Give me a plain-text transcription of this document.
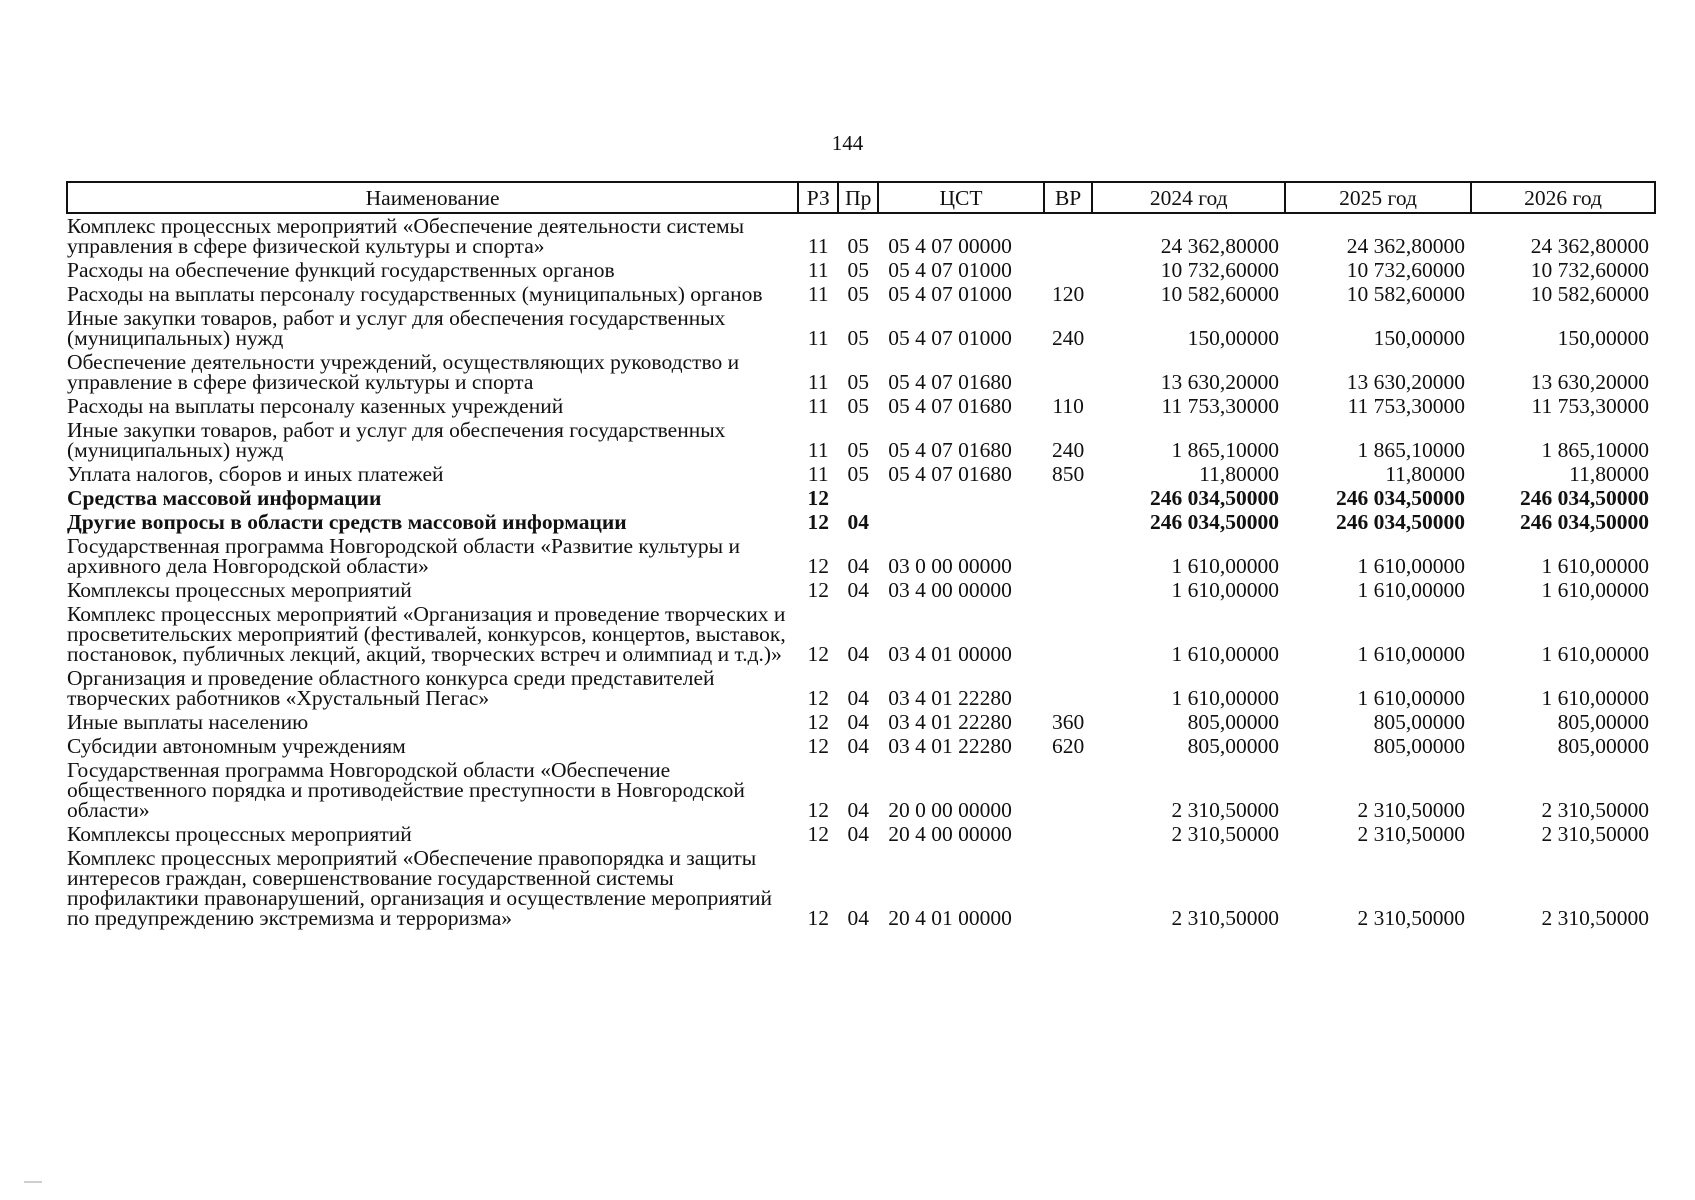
144
Наименование	РЗ	Пр	ЦСТ	ВР	2024 год	2025 год	2026 год
Комплекс процессных мероприятий «Обеспечение деятельности системы управления в сфере физической культуры и спорта»	11	05	05 4 07 00000		24 362,80000	24 362,80000	24 362,80000
Расходы на обеспечение функций государственных органов	11	05	05 4 07 01000		10 732,60000	10 732,60000	10 732,60000
Расходы на выплаты персоналу государственных (муниципальных) органов	11	05	05 4 07 01000	120	10 582,60000	10 582,60000	10 582,60000
Иные закупки товаров, работ и услуг для обеспечения государственных (муниципальных) нужд	11	05	05 4 07 01000	240	150,00000	150,00000	150,00000
Обеспечение деятельности учреждений, осуществляющих руководство и управление в сфере физической культуры и спорта	11	05	05 4 07 01680		13 630,20000	13 630,20000	13 630,20000
Расходы на выплаты персоналу казенных учреждений	11	05	05 4 07 01680	110	11 753,30000	11 753,30000	11 753,30000
Иные закупки товаров, работ и услуг для обеспечения государственных (муниципальных) нужд	11	05	05 4 07 01680	240	1 865,10000	1 865,10000	1 865,10000
Уплата налогов, сборов и иных платежей	11	05	05 4 07 01680	850	11,80000	11,80000	11,80000
Средства массовой информации	12				246 034,50000	246 034,50000	246 034,50000
Другие вопросы в области средств массовой информации	12	04			246 034,50000	246 034,50000	246 034,50000
Государственная программа Новгородской области «Развитие культуры и архивного дела Новгородской области»	12	04	03 0 00 00000		1 610,00000	1 610,00000	1 610,00000
Комплексы процессных мероприятий	12	04	03 4 00 00000		1 610,00000	1 610,00000	1 610,00000
Комплекс процессных мероприятий «Организация и проведение творческих и просветительских мероприятий (фестивалей, конкурсов, концертов, выставок, постановок, публичных лекций, акций, творческих встреч и олимпиад и т.д.)»	12	04	03 4 01 00000		1 610,00000	1 610,00000	1 610,00000
Организация и проведение областного конкурса среди представителей творческих работников «Хрустальный Пегас»	12	04	03 4 01 22280		1 610,00000	1 610,00000	1 610,00000
Иные выплаты населению	12	04	03 4 01 22280	360	805,00000	805,00000	805,00000
Субсидии автономным учреждениям	12	04	03 4 01 22280	620	805,00000	805,00000	805,00000
Государственная программа Новгородской области «Обеспечение общественного порядка и противодействие преступности в Новгородской области»	12	04	20 0 00 00000		2 310,50000	2 310,50000	2 310,50000
Комплексы процессных мероприятий	12	04	20 4 00 00000		2 310,50000	2 310,50000	2 310,50000
Комплекс процессных мероприятий «Обеспечение правопорядка и защиты интересов граждан, совершенствование государственной системы профилактики правонарушений, организация и осуществление мероприятий по предупреждению экстремизма и терроризма»	12	04	20 4 01 00000		2 310,50000	2 310,50000	2 310,50000
